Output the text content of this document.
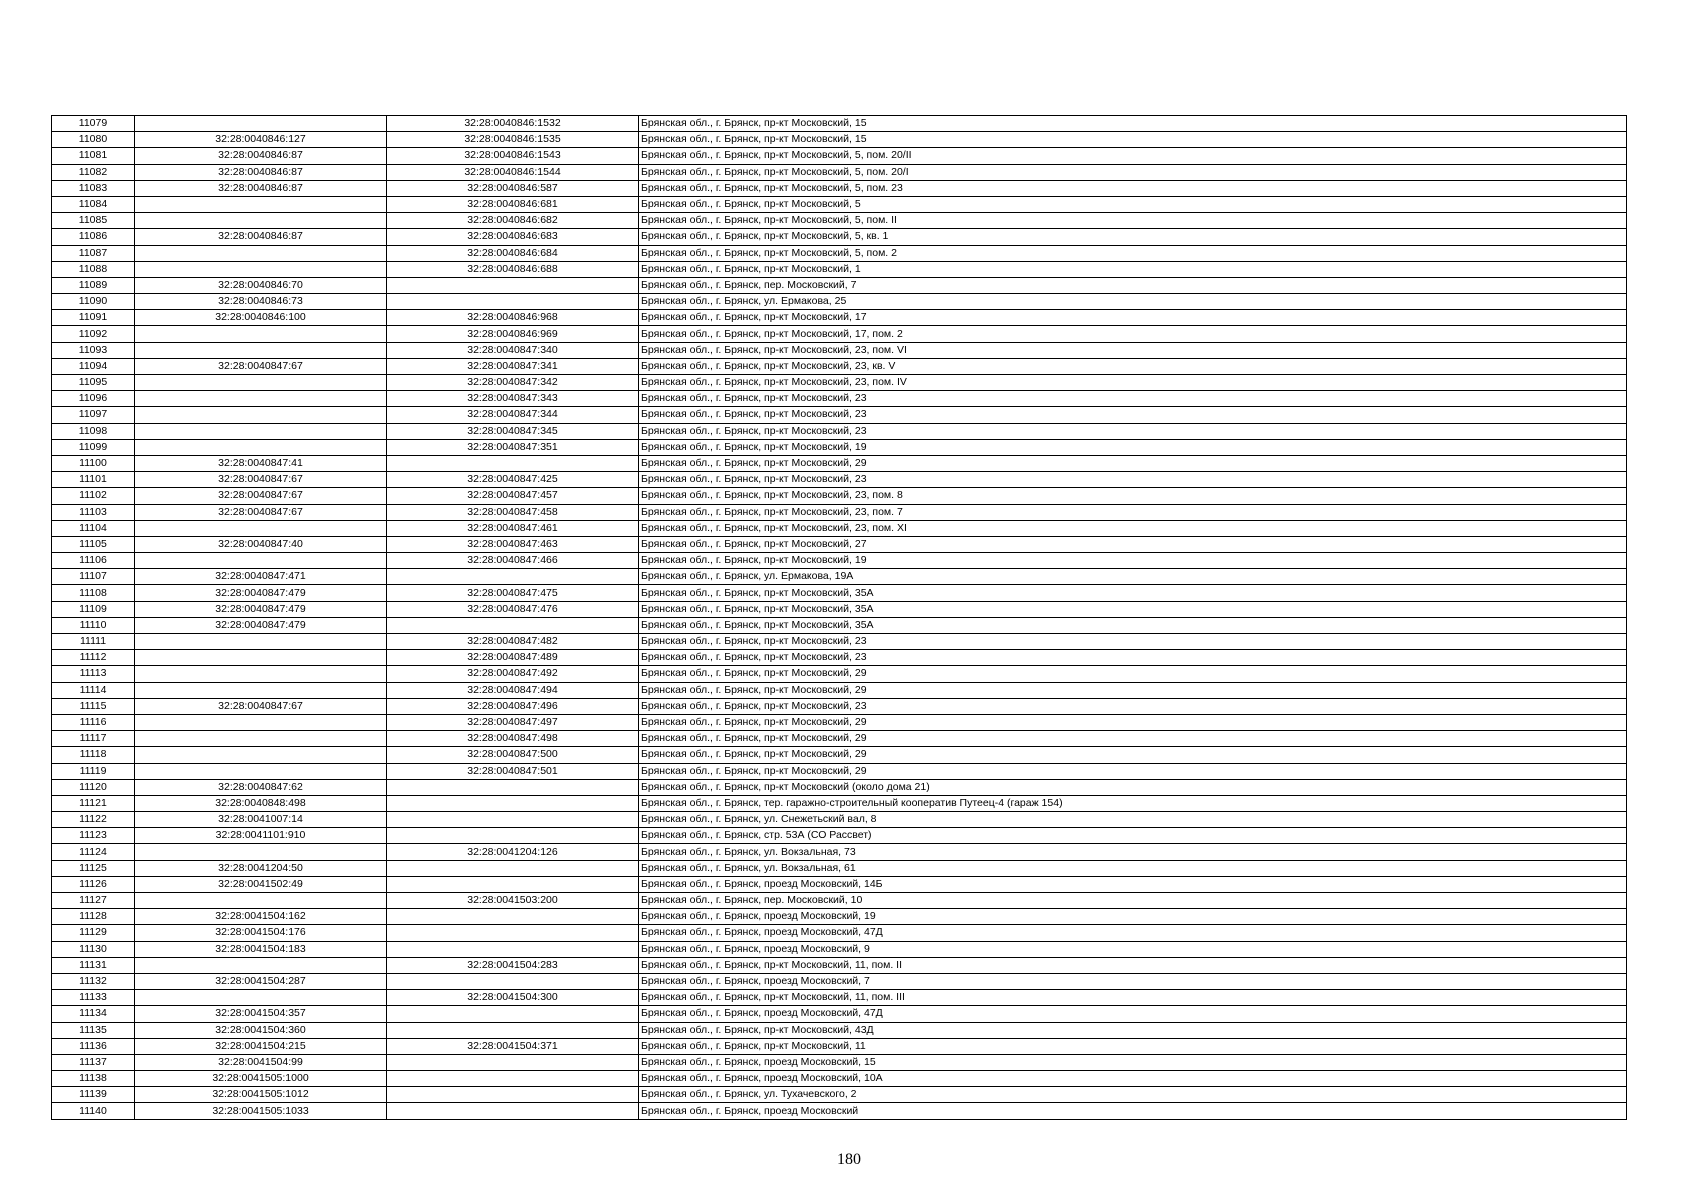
11079		32:28:0040846:1532	Брянская обл., г. Брянск, пр-кт Московский, 15
11080	32:28:0040846:127	32:28:0040846:1535	Брянская обл., г. Брянск, пр-кт Московский, 15
11081	32:28:0040846:87	32:28:0040846:1543	Брянская обл., г. Брянск, пр-кт Московский, 5, пом. 20/II
11082	32:28:0040846:87	32:28:0040846:1544	Брянская обл., г. Брянск, пр-кт Московский, 5, пом. 20/I
11083	32:28:0040846:87	32:28:0040846:587	Брянская обл., г. Брянск, пр-кт Московский, 5, пом. 23
11084		32:28:0040846:681	Брянская обл., г. Брянск, пр-кт Московский, 5
11085		32:28:0040846:682	Брянская обл., г. Брянск, пр-кт Московский, 5, пом. II
11086	32:28:0040846:87	32:28:0040846:683	Брянская обл., г. Брянск, пр-кт Московский, 5, кв. 1
11087		32:28:0040846:684	Брянская обл., г. Брянск, пр-кт Московский, 5, пом. 2
11088		32:28:0040846:688	Брянская обл., г. Брянск, пр-кт Московский, 1
11089	32:28:0040846:70		Брянская обл., г. Брянск, пер. Московский, 7
11090	32:28:0040846:73		Брянская обл., г. Брянск, ул. Ермакова, 25
11091	32:28:0040846:100	32:28:0040846:968	Брянская обл., г. Брянск, пр-кт Московский, 17
11092		32:28:0040846:969	Брянская обл., г. Брянск, пр-кт Московский, 17, пом. 2
11093		32:28:0040847:340	Брянская обл., г. Брянск, пр-кт Московский, 23, пом. VI
11094	32:28:0040847:67	32:28:0040847:341	Брянская обл., г. Брянск, пр-кт Московский, 23, кв. V
11095		32:28:0040847:342	Брянская обл., г. Брянск, пр-кт Московский, 23, пом. IV
11096		32:28:0040847:343	Брянская обл., г. Брянск, пр-кт Московский, 23
11097		32:28:0040847:344	Брянская обл., г. Брянск, пр-кт Московский, 23
11098		32:28:0040847:345	Брянская обл., г. Брянск, пр-кт Московский, 23
11099		32:28:0040847:351	Брянская обл., г. Брянск, пр-кт Московский, 19
11100	32:28:0040847:41		Брянская обл., г. Брянск, пр-кт Московский, 29
11101	32:28:0040847:67	32:28:0040847:425	Брянская обл., г. Брянск, пр-кт Московский, 23
11102	32:28:0040847:67	32:28:0040847:457	Брянская обл., г. Брянск, пр-кт Московский, 23, пом. 8
11103	32:28:0040847:67	32:28:0040847:458	Брянская обл., г. Брянск, пр-кт Московский, 23, пом. 7
11104		32:28:0040847:461	Брянская обл., г. Брянск, пр-кт Московский, 23, пом. XI
11105	32:28:0040847:40	32:28:0040847:463	Брянская обл., г. Брянск, пр-кт Московский, 27
11106		32:28:0040847:466	Брянская обл., г. Брянск, пр-кт Московский, 19
11107	32:28:0040847:471		Брянская обл., г. Брянск, ул. Ермакова, 19А
11108	32:28:0040847:479	32:28:0040847:475	Брянская обл., г. Брянск, пр-кт Московский, 35А
11109	32:28:0040847:479	32:28:0040847:476	Брянская обл., г. Брянск, пр-кт Московский, 35А
11110	32:28:0040847:479		Брянская обл., г. Брянск, пр-кт Московский, 35А
11111		32:28:0040847:482	Брянская обл., г. Брянск, пр-кт Московский, 23
11112		32:28:0040847:489	Брянская обл., г. Брянск, пр-кт Московский, 23
11113		32:28:0040847:492	Брянская обл., г. Брянск, пр-кт Московский, 29
11114		32:28:0040847:494	Брянская обл., г. Брянск, пр-кт Московский, 29
11115	32:28:0040847:67	32:28:0040847:496	Брянская обл., г. Брянск, пр-кт Московский, 23
11116		32:28:0040847:497	Брянская обл., г. Брянск, пр-кт Московский, 29
11117		32:28:0040847:498	Брянская обл., г. Брянск, пр-кт Московский, 29
11118		32:28:0040847:500	Брянская обл., г. Брянск, пр-кт Московский, 29
11119		32:28:0040847:501	Брянская обл., г. Брянск, пр-кт Московский, 29
11120	32:28:0040847:62		Брянская обл., г. Брянск, пр-кт Московский (около дома 21)
11121	32:28:0040848:498		Брянская обл., г. Брянск, тер. гаражно-строительный кооператив Путеец-4 (гараж 154)
11122	32:28:0041007:14		Брянская обл., г. Брянск, ул. Снежетьский вал, 8
11123	32:28:0041101:910		Брянская обл., г. Брянск, стр. 53А (СО Рассвет)
11124		32:28:0041204:126	Брянская обл., г. Брянск, ул. Вокзальная, 73
11125	32:28:0041204:50		Брянская обл., г. Брянск, ул. Вокзальная, 61
11126	32:28:0041502:49		Брянская обл., г. Брянск, проезд Московский, 14Б
11127		32:28:0041503:200	Брянская обл., г. Брянск, пер. Московский, 10
11128	32:28:0041504:162		Брянская обл., г. Брянск, проезд Московский, 19
11129	32:28:0041504:176		Брянская обл., г. Брянск, проезд Московский, 47Д
11130	32:28:0041504:183		Брянская обл., г. Брянск, проезд Московский, 9
11131		32:28:0041504:283	Брянская обл., г. Брянск, пр-кт Московский, 11, пом. II
11132	32:28:0041504:287		Брянская обл., г. Брянск, проезд Московский, 7
11133		32:28:0041504:300	Брянская обл., г. Брянск, пр-кт Московский, 11, пом. III
11134	32:28:0041504:357		Брянская обл., г. Брянск, проезд Московский, 47Д
11135	32:28:0041504:360		Брянская обл., г. Брянск, пр-кт Московский, 43Д
11136	32:28:0041504:215	32:28:0041504:371	Брянская обл., г. Брянск, пр-кт Московский, 11
11137	32:28:0041504:99		Брянская обл., г. Брянск, проезд Московский, 15
11138	32:28:0041505:1000		Брянская обл., г. Брянск, проезд Московский, 10А
11139	32:28:0041505:1012		Брянская обл., г. Брянск, ул. Тухачевского, 2
11140	32:28:0041505:1033		Брянская обл., г. Брянск, проезд Московский
180
